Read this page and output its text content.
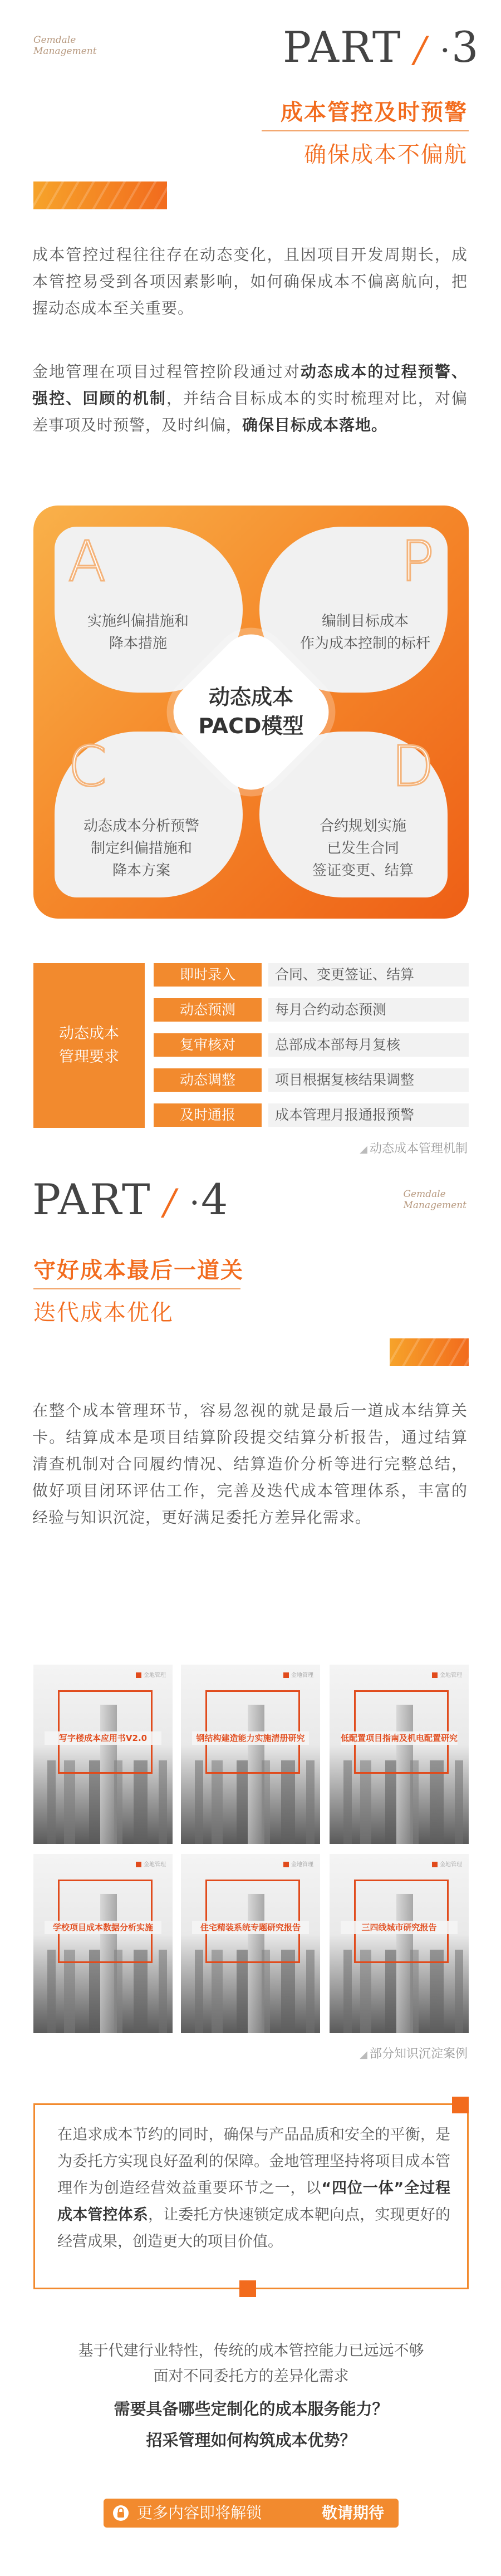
Gemdale
Management	PART / ·3
成本管控及时预警
确保成本不偏航
成本管控过程往往存在动态变化，且因项目开发周期长，成本管控易受到各项因素影响，如何确保成本不偏离航向，把握动态成本至关重要。
金地管理在项目过程管控阶段通过对动态成本的过程预警、强控、回顾的机制，并结合目标成本的实时梳理对比，对偏差事项及时预警，及时纠偏，确保目标成本落地。
A
实施纠偏措施和
降本措施
P
编制目标成本
作为成本控制的标杆
C
动态成本分析预警
制定纠偏措施和
降本方案
D
合约规划实施
已发生合同
签证变更、结算
动态成本
PACD模型
动态成本
管理要求
即时录入	合同、变更签证、结算
动态预测	每月合约动态预测
复审核对	总部成本部每月复核
动态调整	项目根据复核结果调整
及时通报	成本管理月报通报预警
◢ 动态成本管理机制
PART / ·4	Gemdale
Management
守好成本最后一道关
迭代成本优化
在整个成本管理环节，容易忽视的就是最后一道成本结算关卡。结算成本是项目结算阶段提交结算分析报告，通过结算清查机制对合同履约情况、结算造价分析等进行完整总结，做好项目闭环评估工作，完善及迭代成本管理体系，丰富的经验与知识沉淀，更好满足委托方差异化需求。
金地管理
写字楼成本应用书V2.0
金地管理
钢结构建造能力实施清册研究
金地管理
低配置项目指南及机电配置研究
金地管理
学校项目成本数据分析实施
金地管理
住宅精装系统专题研究报告
金地管理
三四线城市研究报告
◢ 部分知识沉淀案例
在追求成本节约的同时，确保与产品品质和安全的平衡，是为委托方实现良好盈利的保障。金地管理坚持将项目成本管理作为创造经营效益重要环节之一，以“四位一体”全过程成本管控体系，让委托方快速锁定成本靶向点，实现更好的经营成果，创造更大的项目价值。
基于代建行业特性，传统的成本管控能力已远远不够
面对不同委托方的差异化需求
需要具备哪些定制化的成本服务能力？
招采管理如何构筑成本优势？
更多内容即将解锁	敬请期待
